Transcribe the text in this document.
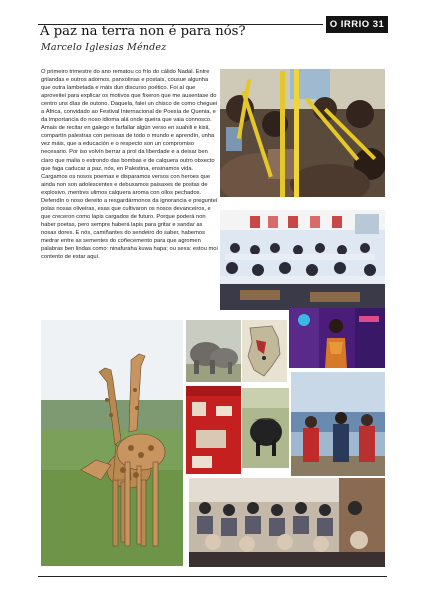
O IRRIO 31
A paz na terra non é para nós?
Marcelo Iglesias Méndez

O primeiro trimestre do ano rematou co frío do cálido Nadal. Entre grilandas e outros adornos, panxolinas e postais, cousue algunha que outra lambetada e máis dun discurso poético. Foi aí que aproveitei para explicar os motivos que fixeron que me ausentase do centro uns días de outono. Daquela, falei un chisco de como cheguei a África, convidado ao Festival Internacional de Poesía de Quenia, e da importancia do noso idioma alá onde queira que vaia connosco.

Amais de recitar en galego e farfallar algún verso en suahili e kisii, compartín palestras con persoas de todo o mundo e aprendín, unha vez máis, que a educación e o respecto son un compromiso necesario. Por iso volvín berrar a prol da liberdade e a deixar ben claro que malia o estrondo das bombas e de calquera outro obxecto que faga caducar a paz, nós, en Palestina, ensinamos vida. Cargamos os nosos poemas e disparamos versos con heroes que ainda non son adolescentes e debuxamos paisaxes de postas de explosivo, mentres ulimos calquera aroma con ollos pechados.

Defendín o noso dereito a resgardármonos da ignorancia e pregunteí polas nosas oliveiras, esas que cultivaron os nosos devanceiros, e que creceron como lapis cargados de futuro. Porque poderá non haber poetas, pero sempre haberá lapis para gritar e sandar as nosas dores. E nós, camiñantes do sendeiro do saber, habemos medrar entre as sementes do coñecemento para que agromen palabras ben lindas como: ninafuraha kuwa hapa; ou sexa: estou moi contento de estar aquí.
